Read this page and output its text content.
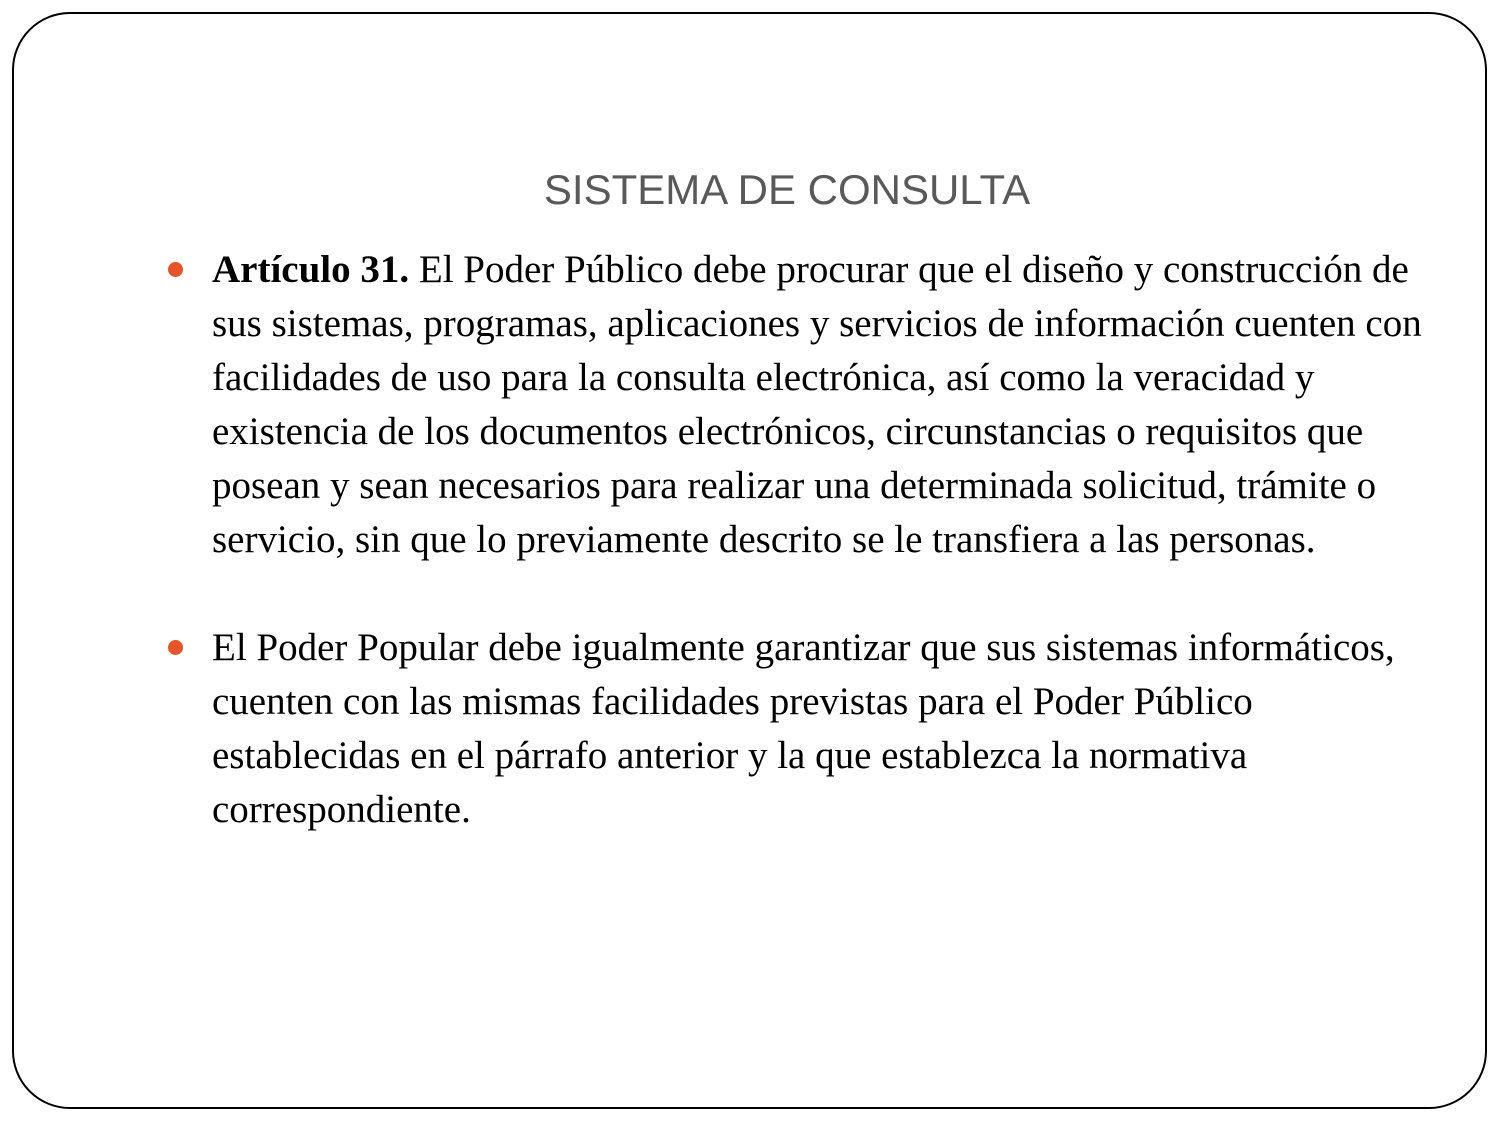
SISTEMA DE CONSULTA

Artículo 31. El Poder Público debe procurar que el diseño y construcción de sus sistemas, programas, aplicaciones y servicios de información cuenten con facilidades de uso para la consulta electrónica, así como la veracidad y existencia de los documentos electrónicos, circunstancias o requisitos que posean y sean necesarios para realizar una determinada solicitud, trámite o servicio, sin que lo previamente descrito se le transfiera a las personas.

El Poder Popular debe igualmente garantizar que sus sistemas informáticos, cuenten con las mismas facilidades previstas para el Poder Público establecidas en el párrafo anterior y la que establezca la normativa correspondiente.
